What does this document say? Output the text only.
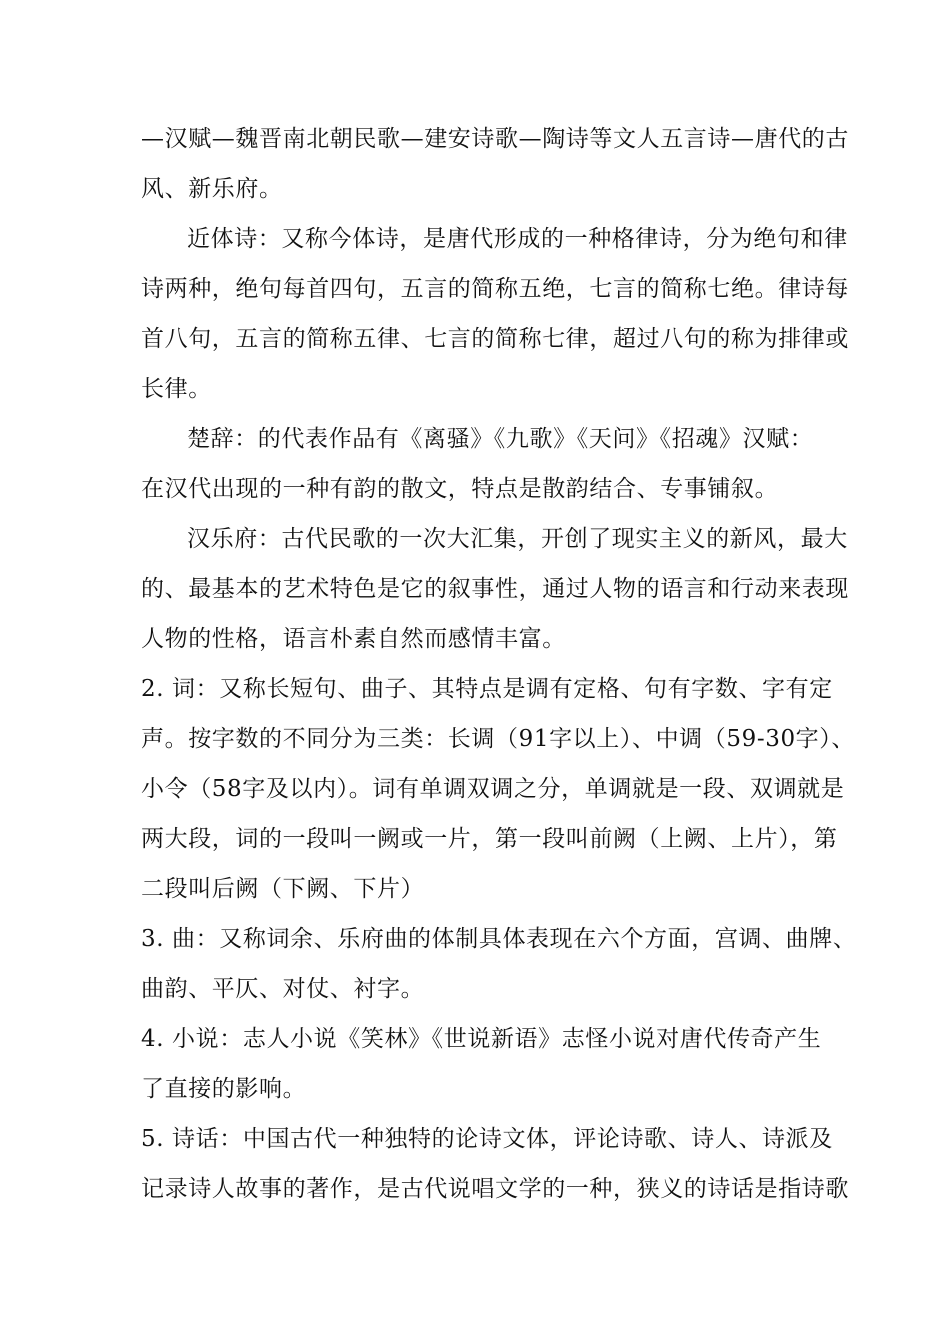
—汉赋—魏晋南北朝民歌—建安诗歌—陶诗等文人五言诗—唐代的古
风、新乐府。
近体诗：又称今体诗，是唐代形成的一种格律诗，分为绝句和律
诗两种，绝句每首四句，五言的简称五绝，七言的简称七绝。律诗每
首八句，五言的简称五律、七言的简称七律，超过八句的称为排律或
长律。
楚辞：的代表作品有《离骚》《九歌》《天问》《招魂》汉赋：
在汉代出现的一种有韵的散文，特点是散韵结合、专事铺叙。
汉乐府：古代民歌的一次大汇集，开创了现实主义的新风，最大
的、最基本的艺术特色是它的叙事性，通过人物的语言和行动来表现
人物的性格，语言朴素自然而感情丰富。
2. 词：又称长短句、曲子、其特点是调有定格、句有字数、字有定
声。按字数的不同分为三类：长调（91字以上）、中调（59-30字）、
小令（58字及以内）。词有单调双调之分，单调就是一段、双调就是
两大段，词的一段叫一阙或一片，第一段叫前阙（上阙、上片），第
二段叫后阙（下阙、下片）
3. 曲：又称词余、乐府曲的体制具体表现在六个方面，宫调、曲牌、
曲韵、平仄、对仗、衬字。
4. 小说：志人小说《笑林》《世说新语》志怪小说对唐代传奇产生
了直接的影响。
5. 诗话：中国古代一种独特的论诗文体，评论诗歌、诗人、诗派及
记录诗人故事的著作，是古代说唱文学的一种，狭义的诗话是指诗歌
